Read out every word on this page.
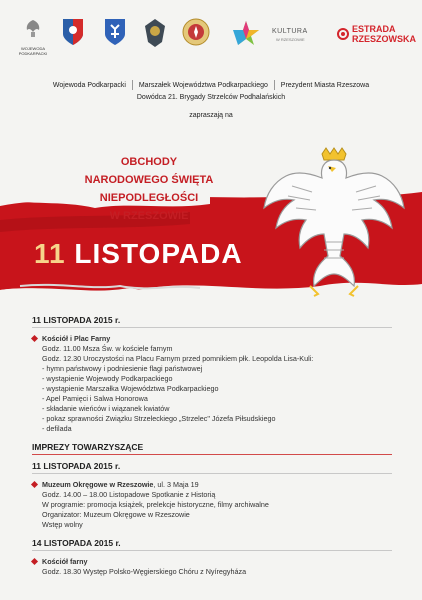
WOJEWODA PODKARPACKI
KULTURA
W RZESZOWIE
ESTRADA
RZESZOWSKA
Wojewoda Podkarpacki Marszałek Województwa Podkarpackiego Prezydent Miasta Rzeszowa
Dowódca 21. Brygady Strzelców Podhalańskich
zapraszają na
OBCHODY
NARODOWEGO ŚWIĘTA NIEPODLEGŁOŚCI
W RZESZOWIE
11 LISTOPADA
11 LISTOPADA 2015 r.
Kościół i Plac Farny
Godz. 11.00 Msza Św. w kościele farnym
Godz. 12.30 Uroczystości na Placu Farnym przed pomnikiem płk. Leopolda Lisa-Kuli:
- hymn państwowy i podniesienie flagi państwowej
- wystąpienie Wojewody Podkarpackiego
- wystąpienie Marszałka Województwa Podkarpackiego
- Apel Pamięci i Salwa Honorowa
- składanie wieńców i wiązanek kwiatów
- pokaz sprawności Związku Strzeleckiego „Strzelec" Józefa Piłsudskiego
- defilada
IMPREZY TOWARZYSZĄCE
11 LISTOPADA 2015 r.
Muzeum Okręgowe w Rzeszowie, ul. 3 Maja 19
Godz. 14.00 – 18.00 Listopadowe Spotkanie z Historią
W programie: promocja książek, prelekcje historyczne, filmy archiwalne
Organizator: Muzeum Okręgowe w Rzeszowie
Wstęp wolny
14 LISTOPADA 2015 r.
Kościół farny
Godz. 18.30 Występ Polsko-Węgierskiego Chóru z Nyíregyháza
